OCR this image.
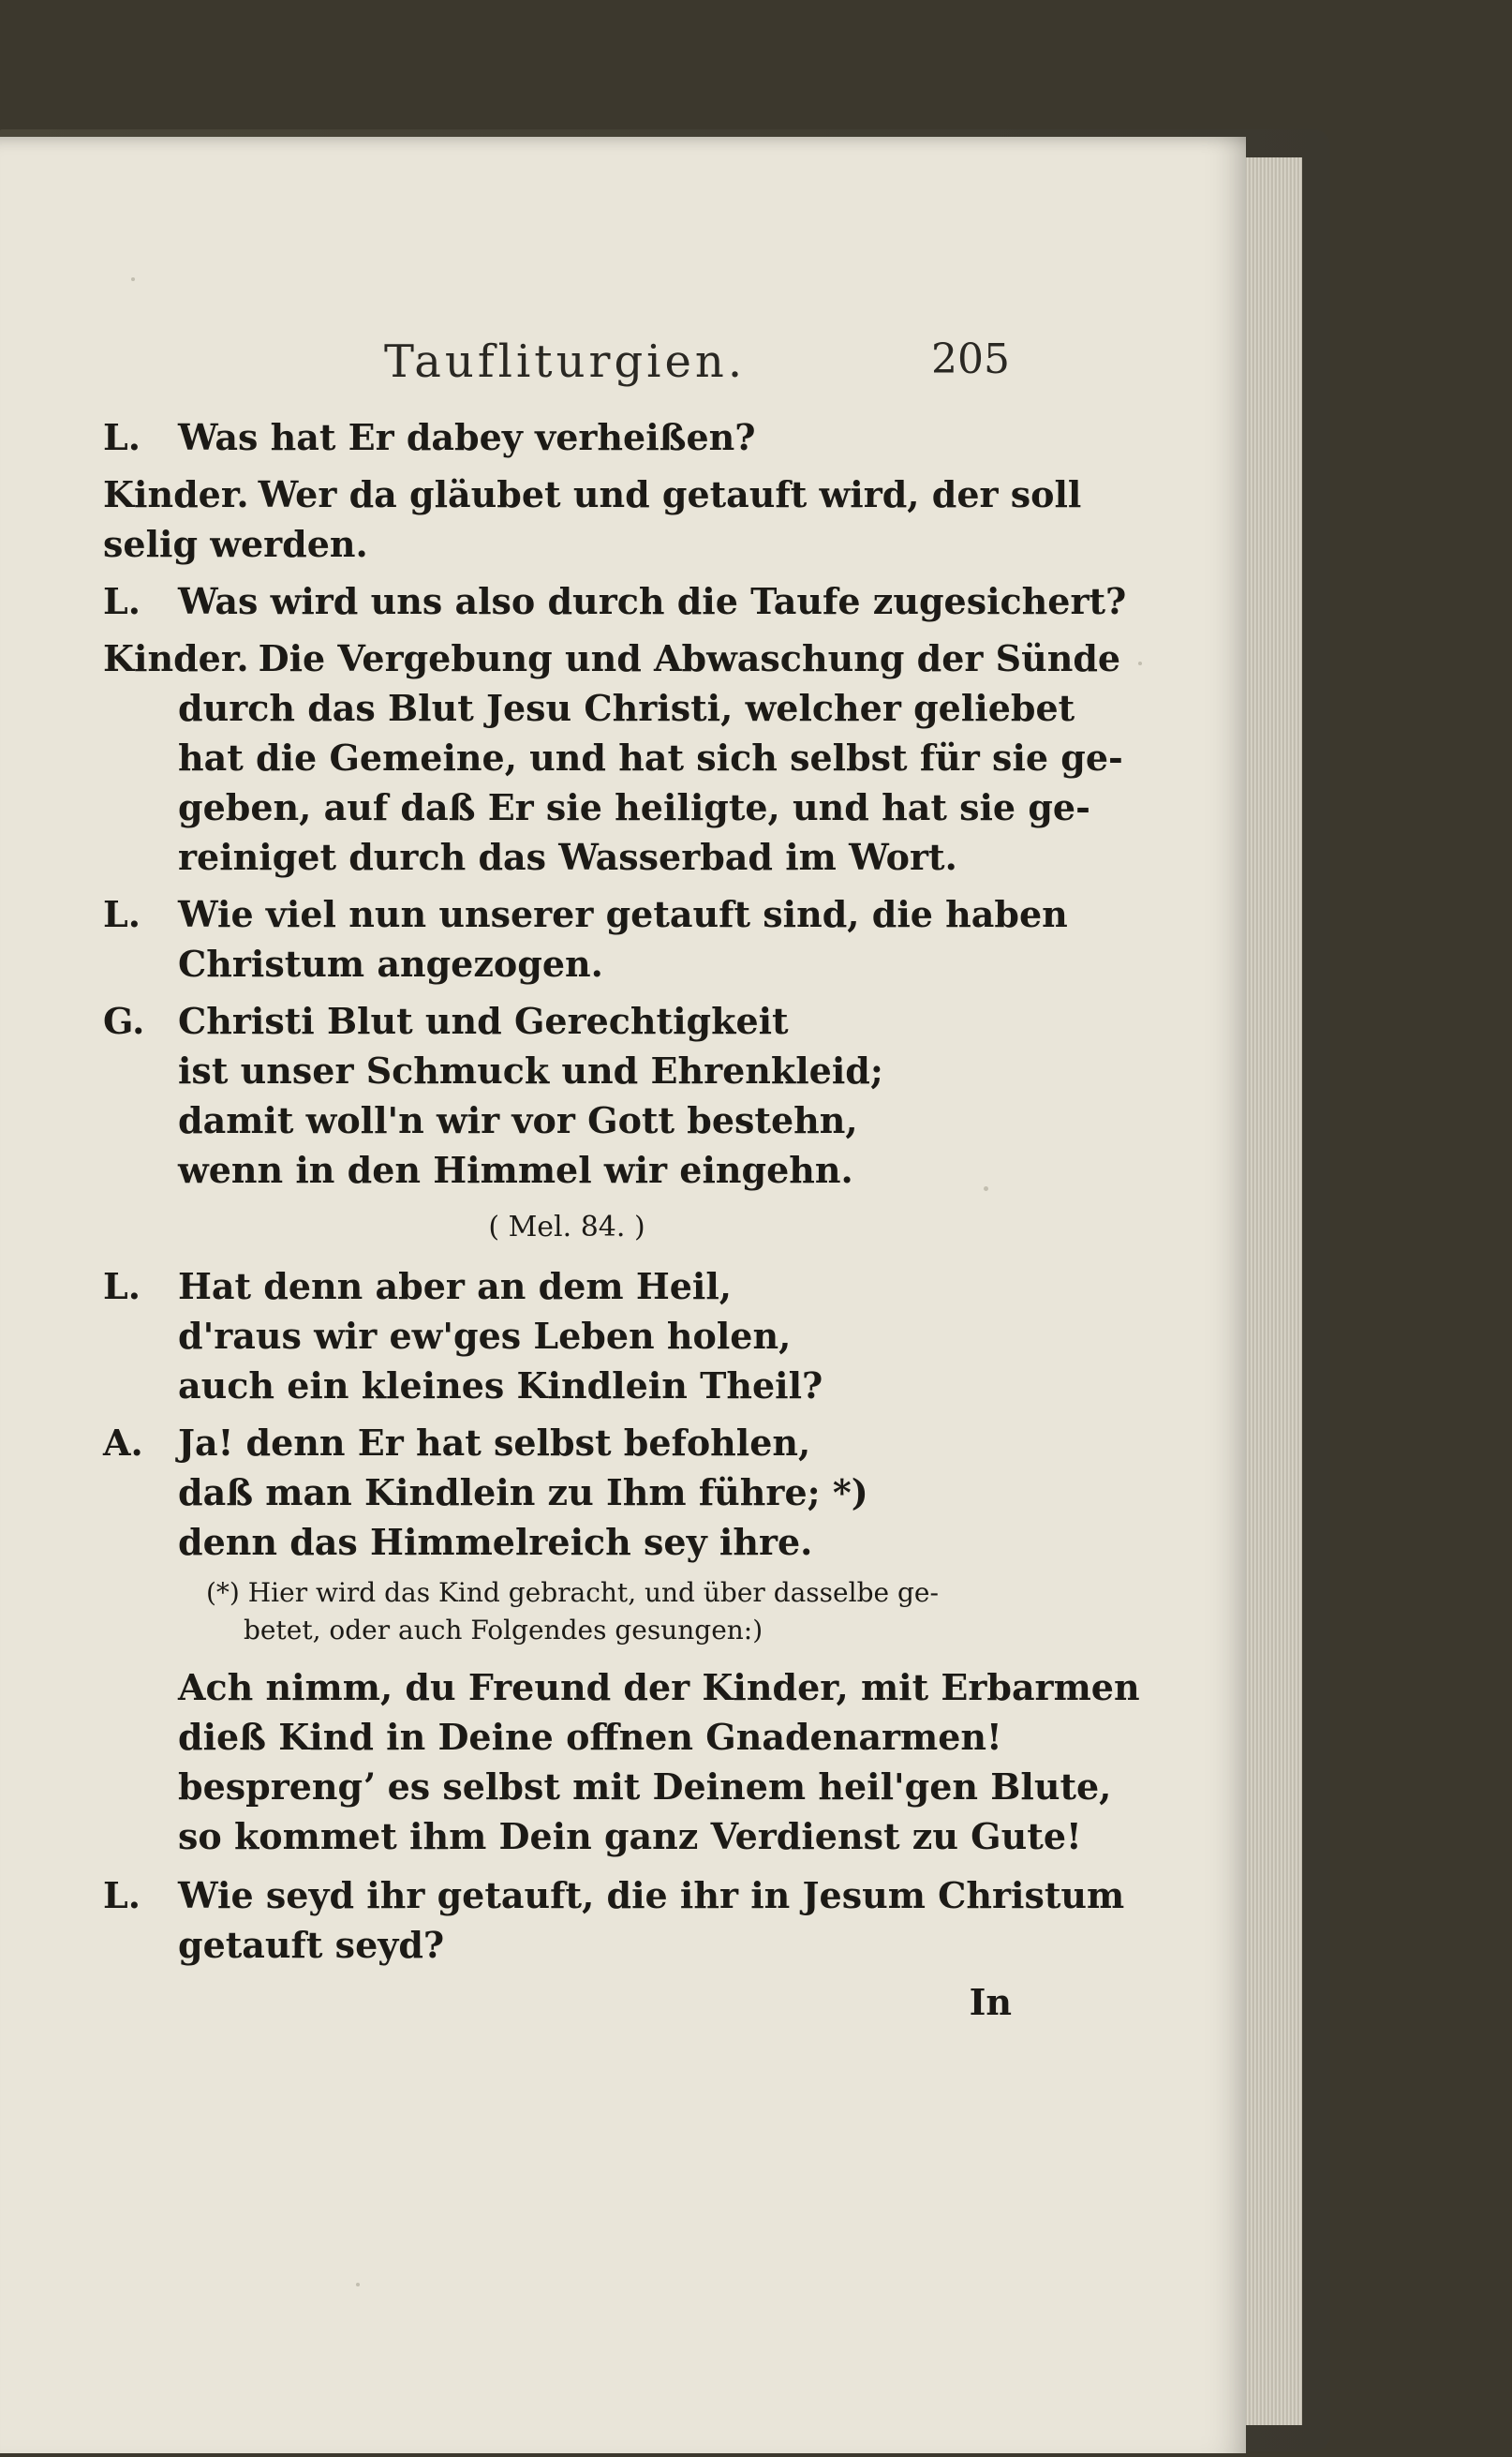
Taufliturgien.	205
L.	Was hat Er dabey verheißen?
Kinder. Wer da gläubet und getauft wird, der soll
selig werden.
L.	Was wird uns also durch die Taufe zugesichert?
Kinder. Die Vergebung und Abwaschung der Sünde
durch das Blut Jesu Christi, welcher geliebet
hat die Gemeine, und hat sich selbst für sie ge-
geben, auf daß Er sie heiligte, und hat sie ge-
reiniget durch das Wasserbad im Wort.
L.	Wie viel nun unserer getauft sind, die haben
Christum angezogen.
G. Christi Blut und Gerechtigkeit
ist unser Schmuck und Ehrenkleid;
damit woll'n wir vor Gott bestehn,
wenn in den Himmel wir eingehn.
( Mel. 84. )
L.	Hat denn aber an dem Heil,
d'raus wir ew'ges Leben holen,
auch ein kleines Kindlein Theil?
A. Ja! denn Er hat selbst befohlen,
daß man Kindlein zu Ihm führe; *)
denn das Himmelreich sey ihre.
(*) Hier wird das Kind gebracht, und über dasselbe ge-
betet, oder auch Folgendes gesungen:)
Ach nimm, du Freund der Kinder, mit Erbarmen
dieß Kind in Deine offnen Gnadenarmen!
besprengʼ es selbst mit Deinem heil'gen Blute,
so kommet ihm Dein ganz Verdienst zu Gute!
L.	Wie seyd ihr getauft, die ihr in Jesum Christum
getauft seyd?
In
